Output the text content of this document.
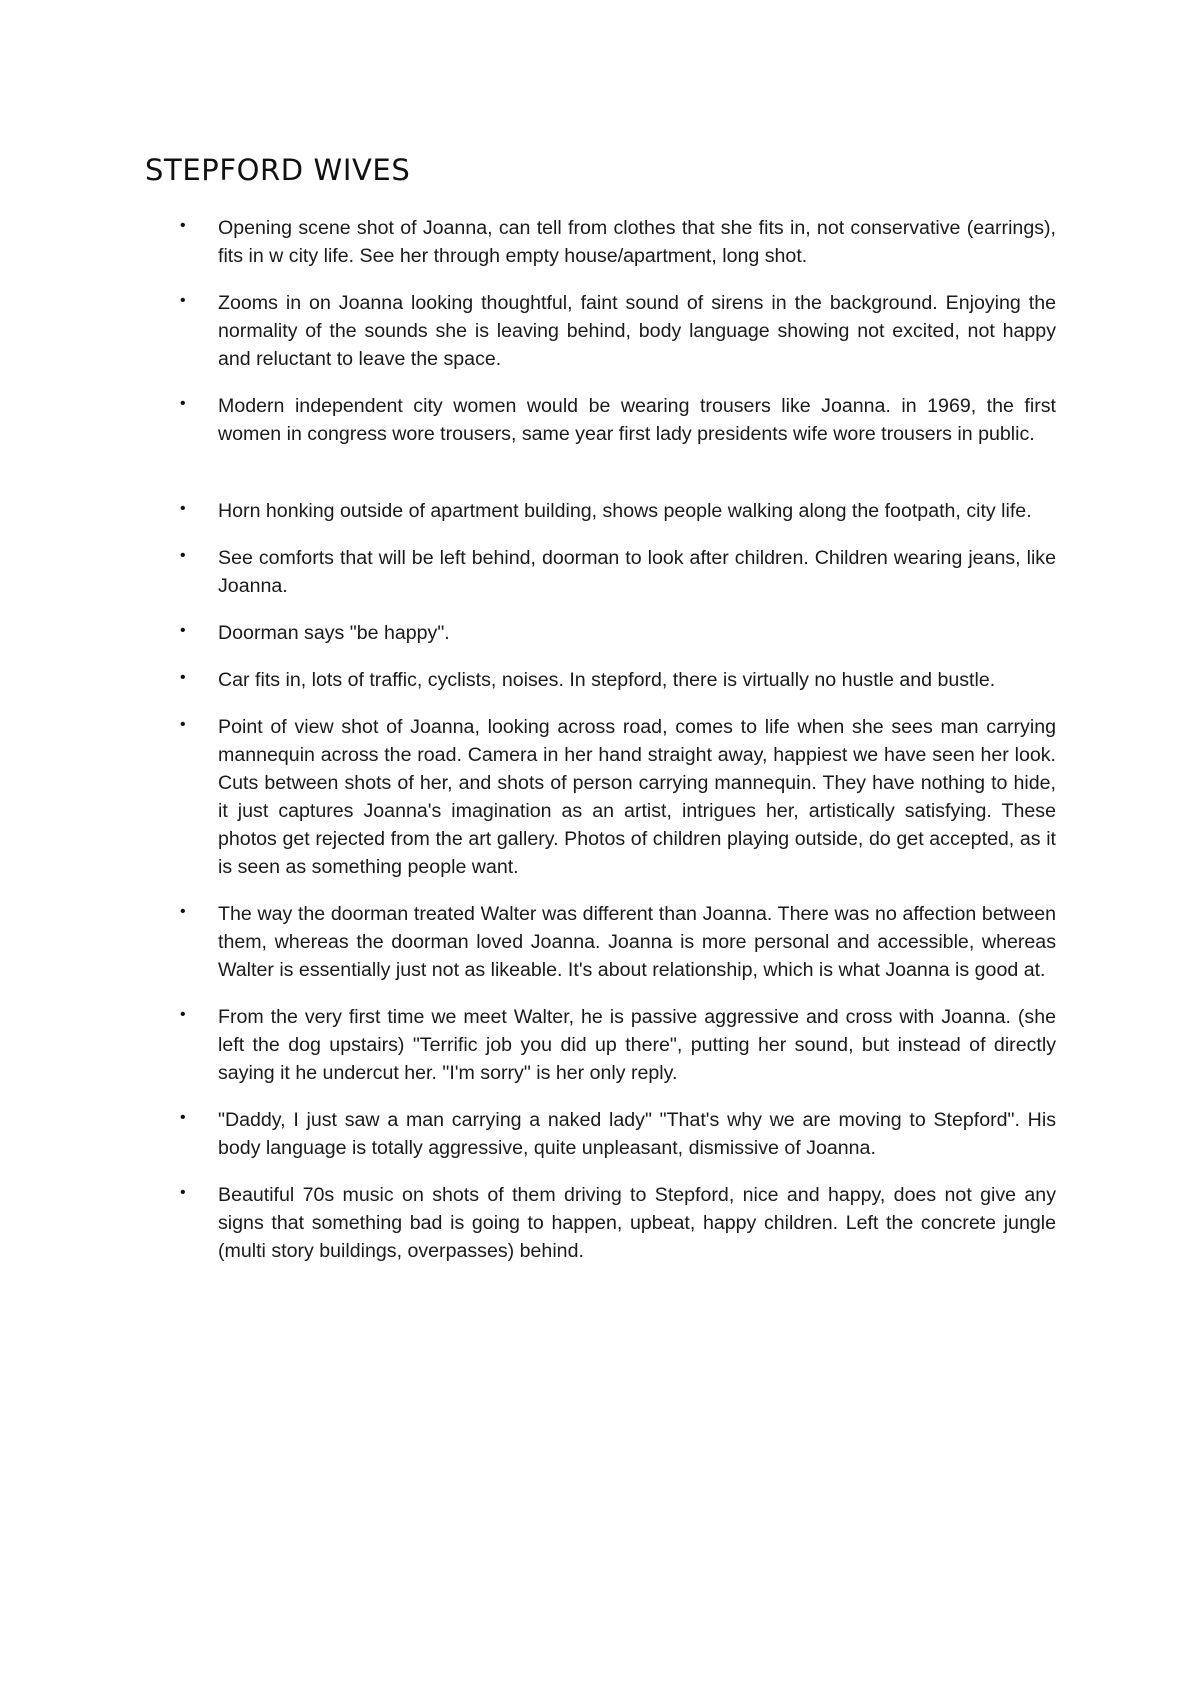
STEPFORD WIVES
•	Opening scene shot of Joanna, can tell from clothes that she fits in, not conservative (earrings), fits in w city life. See her through empty house/apartment, long shot.
•	Zooms in on Joanna looking thoughtful, faint sound of sirens in the background. Enjoying the normality of the sounds she is leaving behind, body language showing not excited, not happy and reluctant to leave the space.
•	Modern independent city women would be wearing trousers like Joanna. in 1969, the first women in congress wore trousers, same year first lady presidents wife wore trousers in public.
•	Horn honking outside of apartment building, shows people walking along the footpath, city life.
•	See comforts that will be left behind, doorman to look after children. Children wearing jeans, like Joanna.
•	Doorman says "be happy".
•	Car fits in, lots of traffic, cyclists, noises. In stepford, there is virtually no hustle and bustle.
•	Point of view shot of Joanna, looking across road, comes to life when she sees man carrying mannequin across the road. Camera in her hand straight away, happiest we have seen her look. Cuts between shots of her, and shots of person carrying mannequin. They have nothing to hide, it just captures Joanna's imagination as an artist, intrigues her, artistically satisfying. These photos get rejected from the art gallery. Photos of children playing outside, do get accepted, as it is seen as something people want.
•	The way the doorman treated Walter was different than Joanna. There was no affection between them, whereas the doorman loved Joanna. Joanna is more personal and accessible, whereas Walter is essentially just not as likeable. It's about relationship, which is what Joanna is good at.
•	From the very first time we meet Walter, he is passive aggressive and cross with Joanna. (she left the dog upstairs) "Terrific job you did up there", putting her sound, but instead of directly saying it he undercut her. "I'm sorry" is her only reply.
•	"Daddy, I just saw a man carrying a naked lady" "That's why we are moving to Stepford". His body language is totally aggressive, quite unpleasant, dismissive of Joanna.
•	Beautiful 70s music on shots of them driving to Stepford, nice and happy, does not give any signs that something bad is going to happen, upbeat, happy children. Left the concrete jungle (multi story buildings, overpasses) behind.
